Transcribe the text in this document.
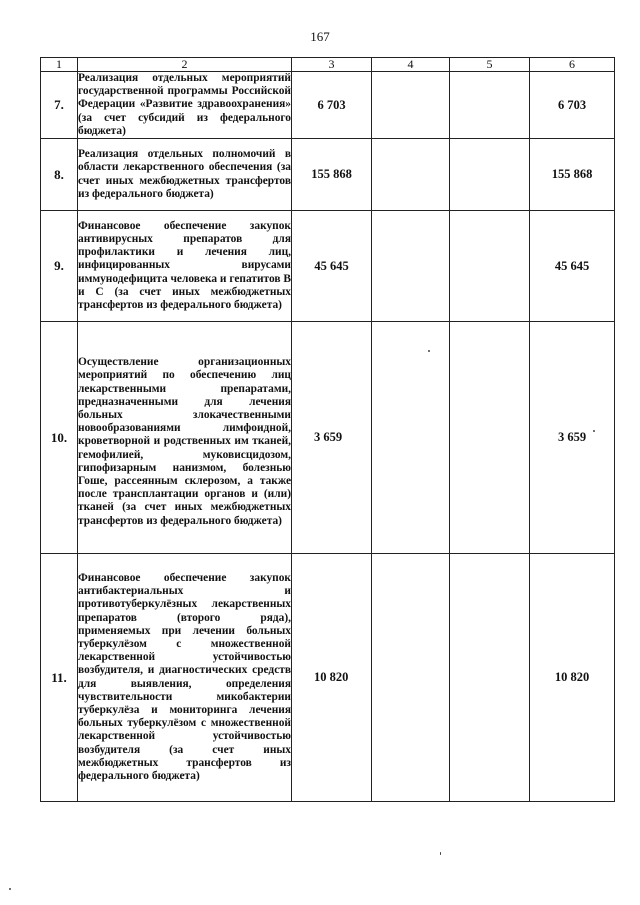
167
1	2	3	4	5	6
7.	Реализация отдельных мероприятий государственной программы Российской Федерации «Развитие здравоохранения» (за счет субсидий из федерального бюджета)	6 703			6 703
8.	Реализация отдельных полномочий в области лекарственного обеспечения (за счет иных межбюджетных трансфертов из федерального бюджета)	155 868			155 868
9.	Финансовое обеспечение закупок антивирусных препаратов для профилактики и лечения лиц, инфицированных вирусами иммунодефицита человека и гепатитов В и С (за счет иных межбюджетных трансфертов из федерального бюджета)	45 645			45 645
10.	Осуществление организационных мероприятий по обеспечению лиц лекарственными препаратами, предназначенными для лечения больных злокачественными новообразованиями лимфоидной, кроветворной и родственных им тканей, гемофилией, муковисцидозом, гипофизарным нанизмом, болезнью Гоше, рассеянным склерозом, а также после трансплантации органов и (или) тканей (за счет иных межбюджетных трансфертов из федерального бюджета)	3 659			3 659
11.	Финансовое обеспечение закупок антибактериальных и противотуберкулёзных лекарственных препаратов (второго ряда), применяемых при лечении больных туберкулёзом с множественной лекарственной устойчивостью возбудителя, и диагностических средств для выявления, определения чувствительности микобактерии туберкулёза и мониторинга лечения больных туберкулёзом с множественной лекарственной устойчивостью возбудителя (за счет иных межбюджетных трансфертов из федерального бюджета)	10 820			10 820
